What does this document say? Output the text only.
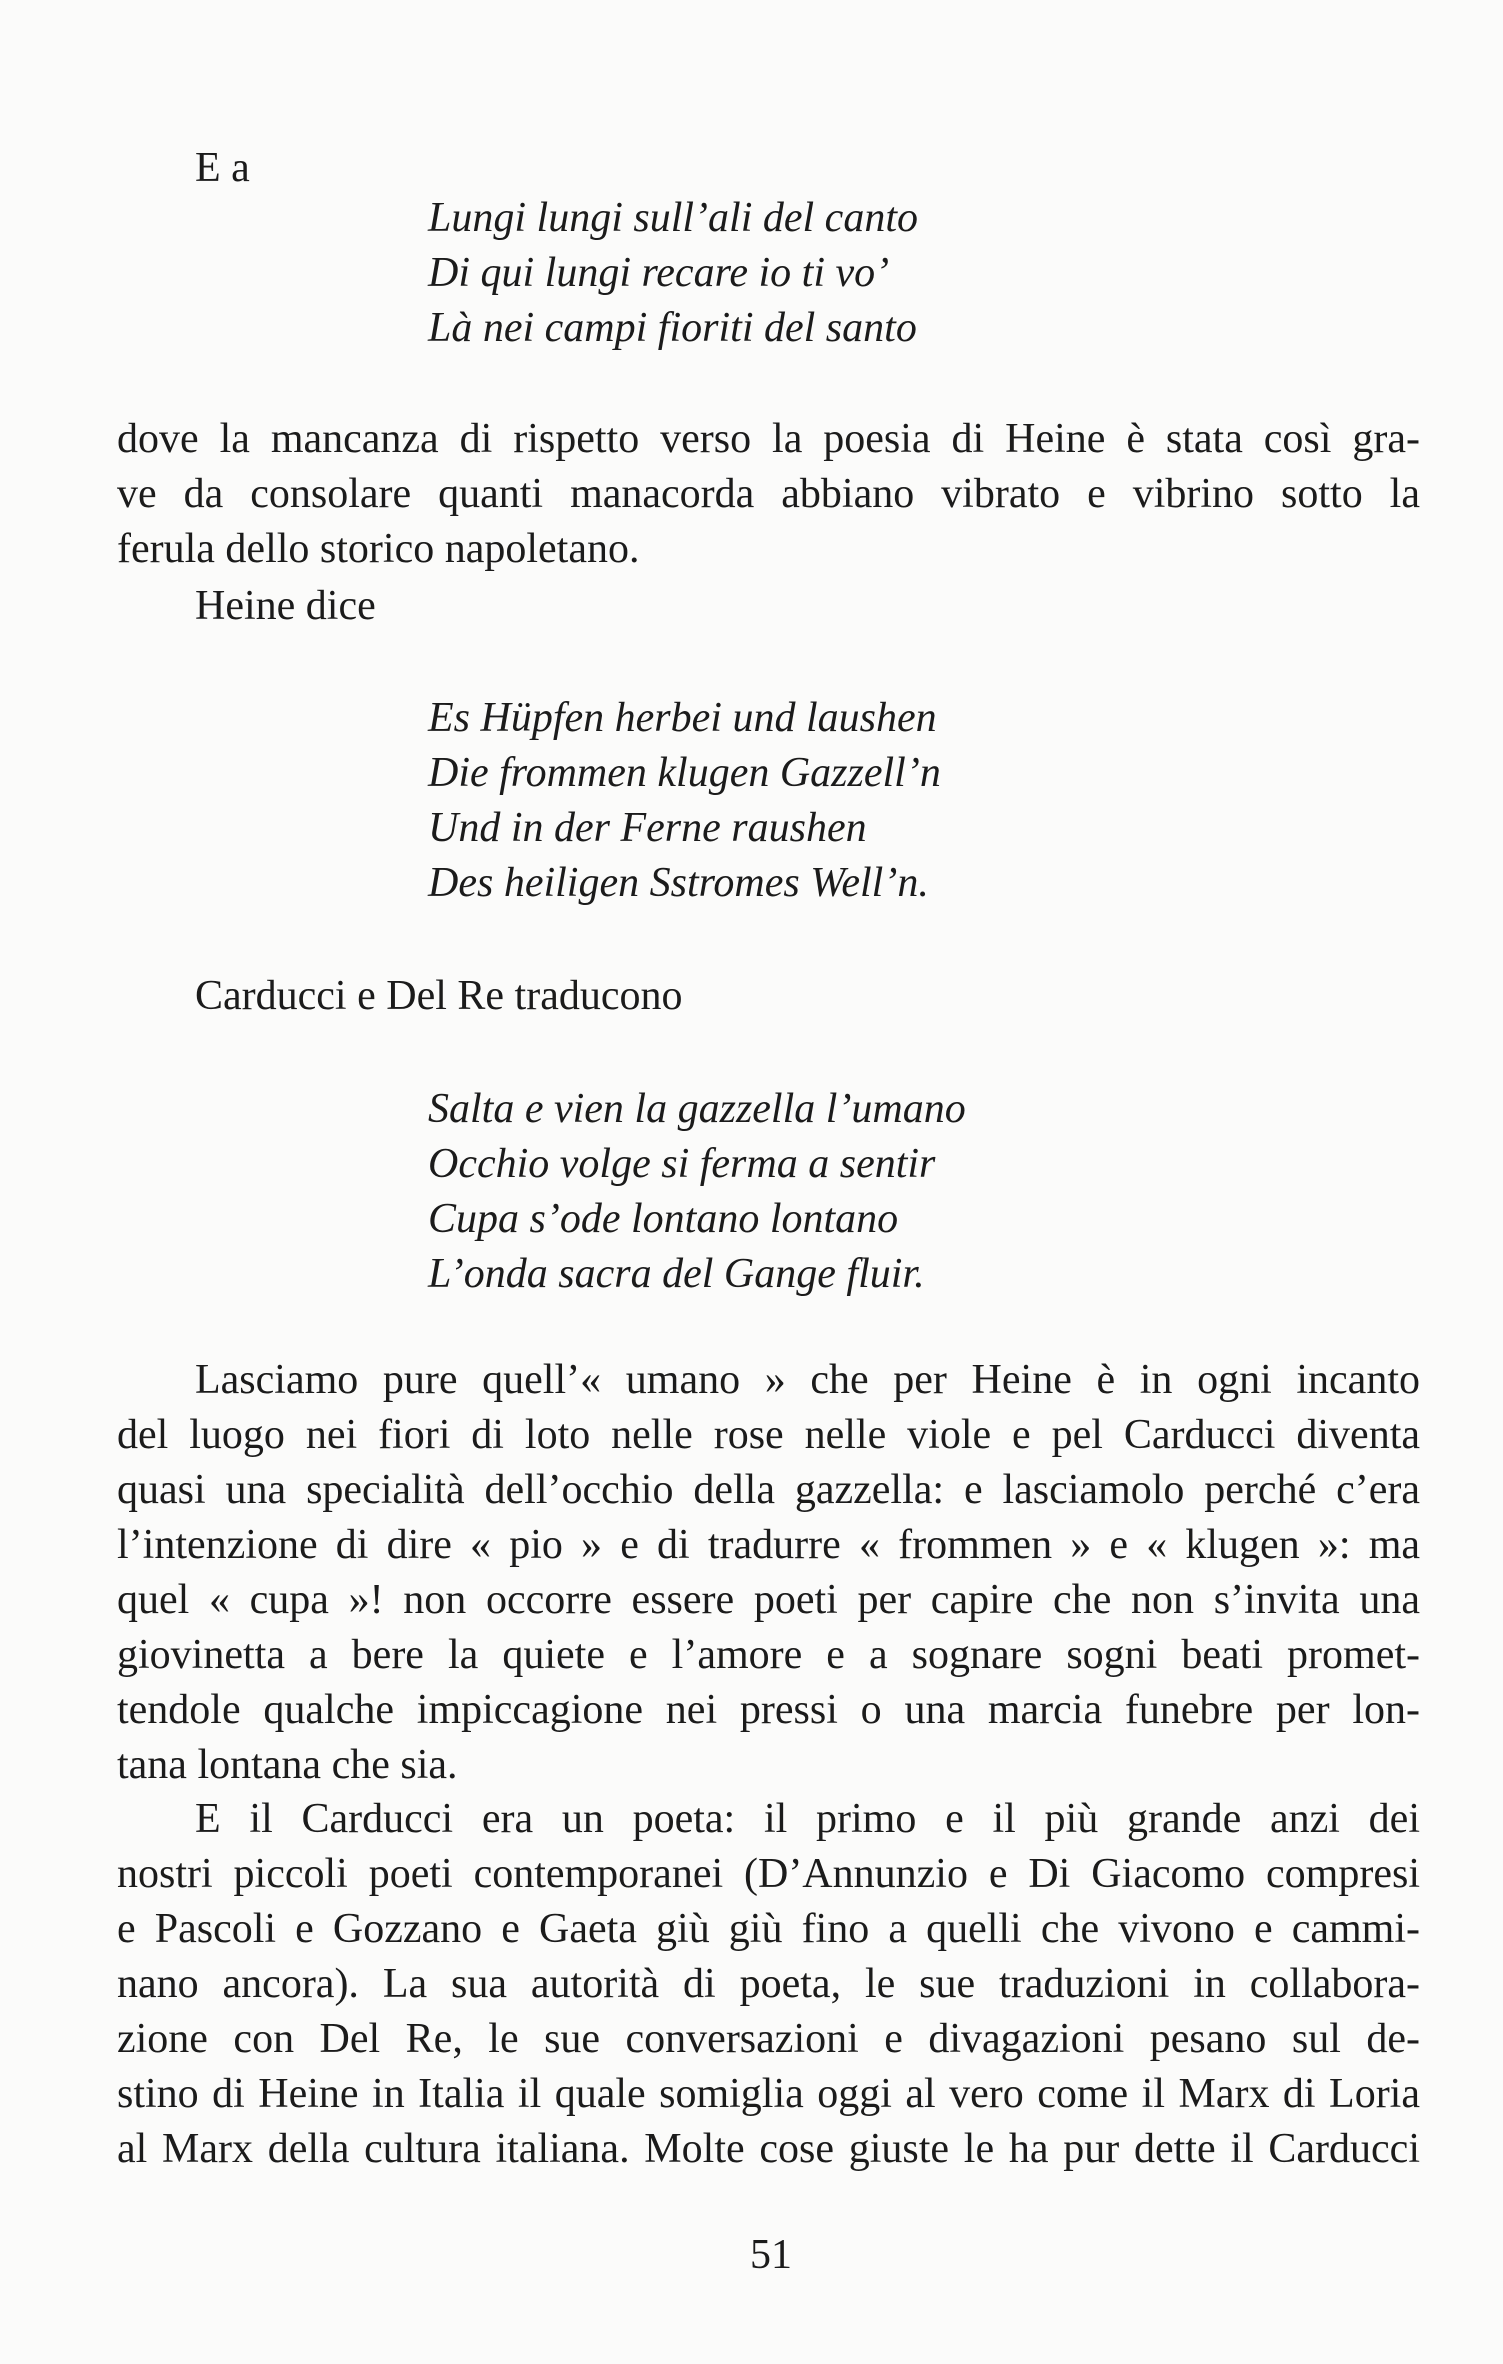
E a
Lungi lungi sull’ali del canto
Di qui lungi recare io ti vo’
Là nei campi fioriti del santo
dove la mancanza di rispetto verso la poesia di Heine è stata così gra-
ve da consolare quanti manacorda abbiano vibrato e vibrino sotto la
ferula dello storico napoletano.
Heine dice
Es Hüpfen herbei und laushen
Die frommen klugen Gazzell’n
Und in der Ferne raushen
Des heiligen Sstromes Well’n.
Carducci e Del Re traducono
Salta e vien la gazzella l’umano
Occhio volge si ferma a sentir
Cupa s’ode lontano lontano
L’onda sacra del Gange fluir.
Lasciamo pure quell’« umano » che per Heine è in ogni incanto
del luogo nei fiori di loto nelle rose nelle viole e pel Carducci diventa
quasi una specialità dell’occhio della gazzella: e lasciamolo perché c’era
l’intenzione di dire « pio » e di tradurre « frommen » e « klugen »: ma
quel « cupa »! non occorre essere poeti per capire che non s’invita una
giovinetta a bere la quiete e l’amore e a sognare sogni beati promet-
tendole qualche impiccagione nei pressi o una marcia funebre per lon-
tana lontana che sia.
E il Carducci era un poeta: il primo e il più grande anzi dei
nostri piccoli poeti contemporanei (D’Annunzio e Di Giacomo compresi
e Pascoli e Gozzano e Gaeta giù giù fino a quelli che vivono e cammi-
nano ancora). La sua autorità di poeta, le sue traduzioni in collabora-
zione con Del Re, le sue conversazioni e divagazioni pesano sul de-
stino di Heine in Italia il quale somiglia oggi al vero come il Marx di Loria
al Marx della cultura italiana. Molte cose giuste le ha pur dette il Carducci
51
